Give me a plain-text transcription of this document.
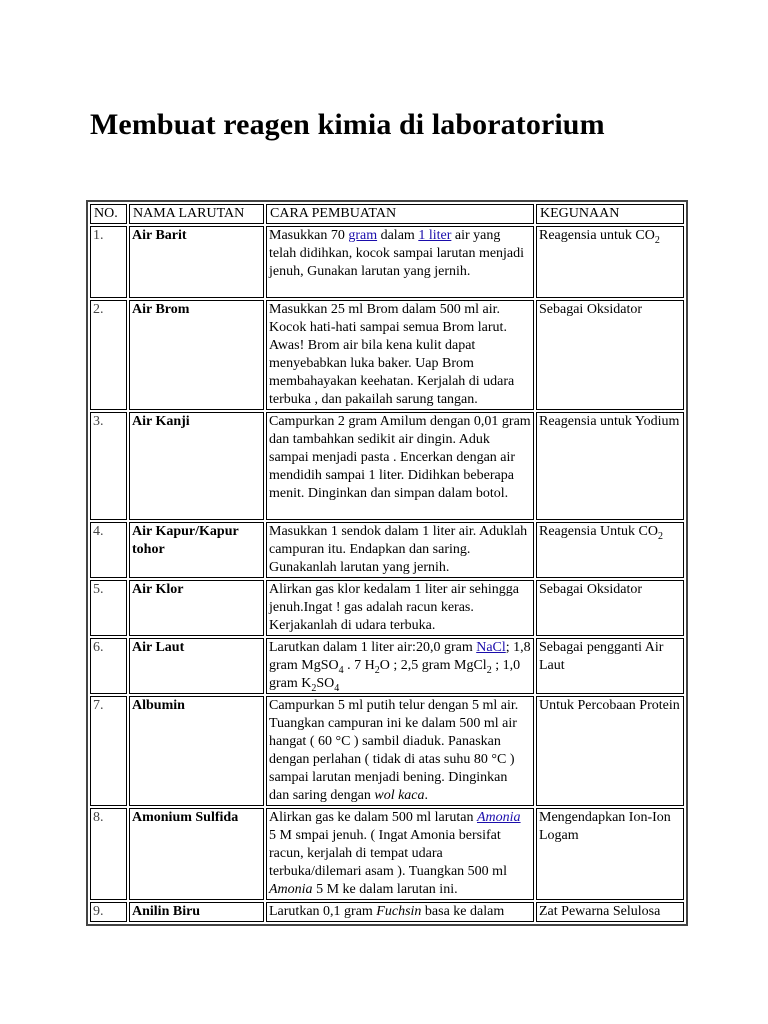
Membuat reagen kimia di laboratorium
NO.	NAMA LARUTAN	CARA PEMBUATAN	KEGUNAAN
1.	Air Barit	Masukkan 70 gram dalam 1 liter air yang telah didihkan, kocok sampai larutan menjadi jenuh, Gunakan larutan yang jernih.	Reagensia untuk $CO_2$
2.	Air Brom	Masukkan 25 ml Brom dalam 500 ml air. Kocok hati-hati sampai semua Brom larut. Awas! Brom air bila kena kulit dapat menyebabkan luka baker. Uap Brom membahayakan keehatan. Kerjalah di udara terbuka , dan pakailah sarung tangan.	Sebagai Oksidator
3.	Air Kanji	Campurkan 2 gram Amilum dengan 0,01 gram dan tambahkan sedikit air dingin. Aduk sampai menjadi pasta . Encerkan dengan air mendidih sampai 1 liter. Didihkan beberapa menit. Dinginkan dan simpan dalam botol.	Reagensia untuk Yodium
4.	Air Kapur/Kapur tohor	Masukkan 1 sendok dalam 1 liter air. Aduklah campuran itu. Endapkan dan saring. Gunakanlah larutan yang jernih.	Reagensia Untuk $CO_2$
5.	Air Klor	Alirkan gas klor kedalam 1 liter air sehingga jenuh.Ingat ! gas adalah racun keras. Kerjakanlah di udara terbuka.	Sebagai Oksidator
6.	Air Laut	Larutkan dalam 1 liter air:20,0 gram NaCl; 1,8 gram MgSO$_4$ . 7 $H_2O$ ; 2,5 gram MgCl$_2$ ; 1,0 gram $K_2SO_4$	Sebagai pengganti Air Laut
7.	Albumin	Campurkan 5 ml putih telur dengan 5 ml air. Tuangkan campuran ini ke dalam 500 ml air hangat ( 60 °C ) sambil diaduk. Panaskan dengan perlahan ( tidak di atas suhu 80 °C ) sampai larutan menjadi bening. Dinginkan dan saring dengan wol kaca.	Untuk Percobaan Protein
8.	Amonium Sulfida	Alirkan gas ke dalam 500 ml larutan Amonia 5 M smpai jenuh. ( Ingat Amonia bersifat racun, kerjalah di tempat udara terbuka/dilemari asam ). Tuangkan 500 ml Amonia 5 M ke dalam larutan ini.	Mengendapkan Ion-Ion Logam
9.	Anilin Biru	Larutkan 0,1 gram Fuchsin basa ke dalam	Zat Pewarna Selulosa
